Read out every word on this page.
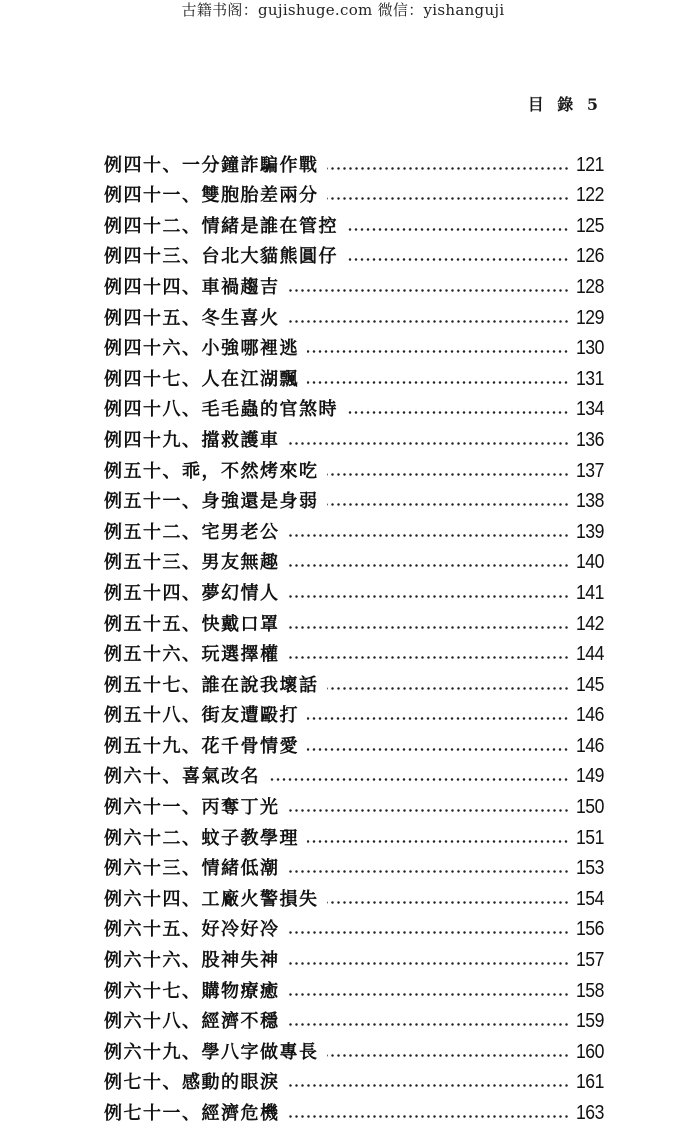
古籍书阁：gujishuge.com 微信：yishanguji
目 錄 5
例四十、一分鐘詐騙作戰	121
例四十一、雙胞胎差兩分	122
例四十二、情緒是誰在管控	125
例四十三、台北大貓熊圓仔	126
例四十四、車禍趨吉	128
例四十五、冬生喜火	129
例四十六、小強哪裡逃	130
例四十七、人在江湖飄	131
例四十八、毛毛蟲的官煞時	134
例四十九、擋救護車	136
例五十、乖，不然烤來吃	137
例五十一、身強還是身弱	138
例五十二、宅男老公	139
例五十三、男友無趣	140
例五十四、夢幻情人	141
例五十五、快戴口罩	142
例五十六、玩選擇權	144
例五十七、誰在說我壞話	145
例五十八、街友遭毆打	146
例五十九、花千骨情愛	146
例六十、喜氣改名	149
例六十一、丙奪丁光	150
例六十二、蚊子教學理	151
例六十三、情緒低潮	153
例六十四、工廠火警損失	154
例六十五、好冷好冷	156
例六十六、股神失神	157
例六十七、購物療癒	158
例六十八、經濟不穩	159
例六十九、學八字做專長	160
例七十、感動的眼淚	161
例七十一、經濟危機	163
